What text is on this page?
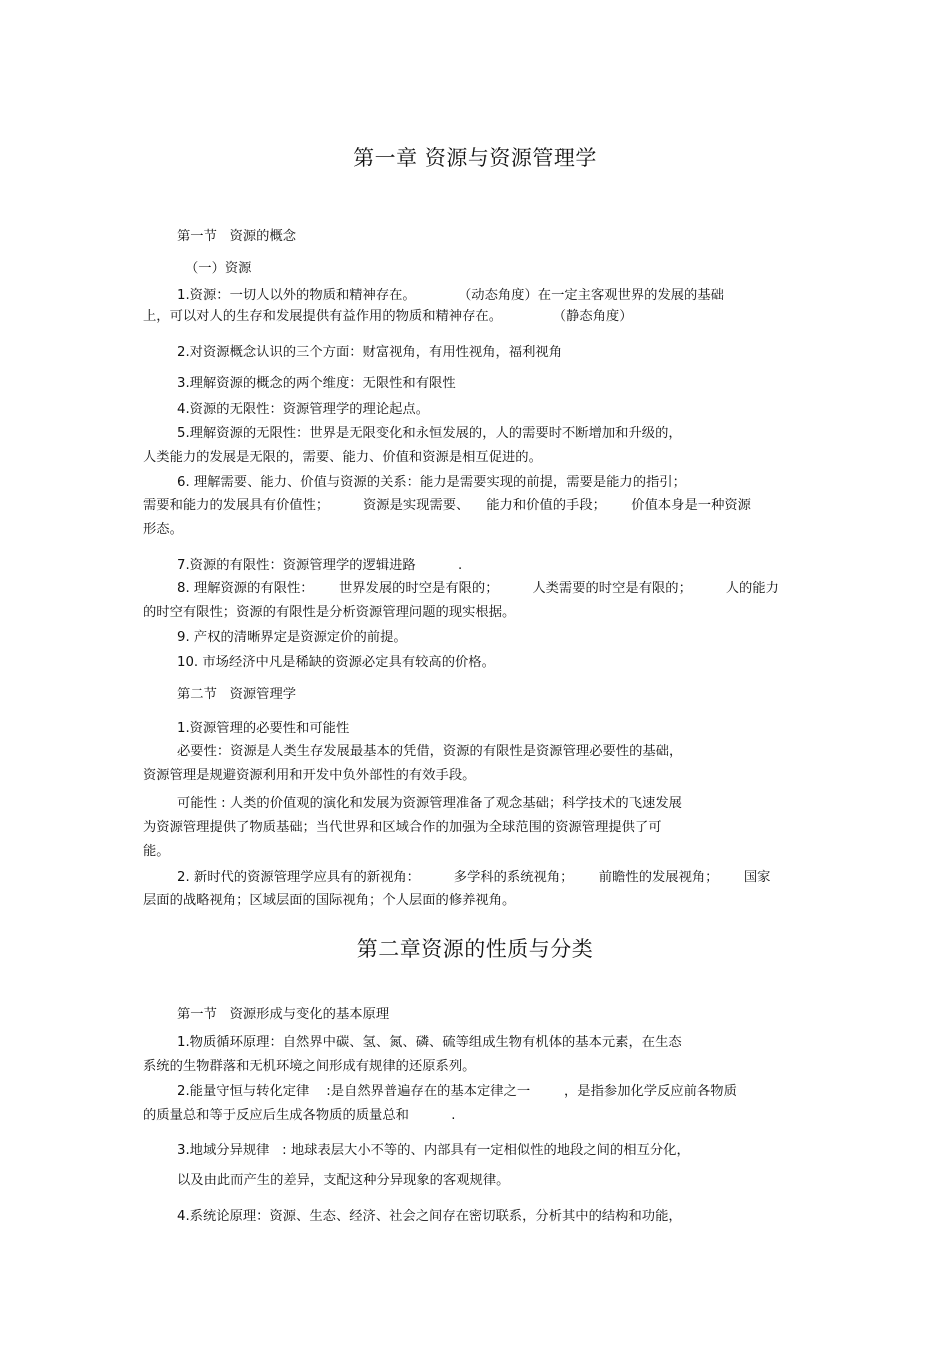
第一章 资源与资源管理学

第一节   资源的概念

（一）资源

1.资源：一切人以外的物质和精神存在。          （动态角度）在一定主客观世界的发展的基础

上，可以对人的生存和发展提供有益作用的物质和精神存在。            （静态角度）

2.对资源概念认识的三个方面：财富视角，有用性视角，福利视角

3.理解资源的概念的两个维度：无限性和有限性

4.资源的无限性：资源管理学的理论起点。

5.理解资源的无限性：世界是无限变化和永恒发展的，人的需要时不断增加和升级的，

人类能力的发展是无限的，需要、能力、价值和资源是相互促进的。

6. 理解需要、能力、价值与资源的关系：能力是需要实现的前提，需要是能力的指引；

需要和能力的发展具有价值性；        资源是实现需要、    能力和价值的手段；      价值本身是一种资源

形态。

7.资源的有限性：资源管理学的逻辑进路          .

8. 理解资源的有限性：      世界发展的时空是有限的；        人类需要的时空是有限的；        人的能力

的时空有限性；资源的有限性是分析资源管理问题的现实根据。

9. 产权的清晰界定是资源定价的前提。

10. 市场经济中凡是稀缺的资源必定具有较高的价格。

第二节   资源管理学

1.资源管理的必要性和可能性

必要性：资源是人类生存发展最基本的凭借，资源的有限性是资源管理必要性的基础，

资源管理是规避资源利用和开发中负外部性的有效手段。

可能性 : 人类的价值观的演化和发展为资源管理准备了观念基础；科学技术的飞速发展

为资源管理提供了物质基础；当代世界和区域合作的加强为全球范围的资源管理提供了可

能。

2. 新时代的资源管理学应具有的新视角：        多学科的系统视角；      前瞻性的发展视角；      国家

层面的战略视角；区域层面的国际视角；个人层面的修养视角。

第二章资源的性质与分类

第一节   资源形成与变化的基本原理

1.物质循环原理：自然界中碳、氢、氮、磷、硫等组成生物有机体的基本元素，在生态

系统的生物群落和无机环境之间形成有规律的还原系列。

2.能量守恒与转化定律    :是自然界普遍存在的基本定律之一        ，是指参加化学反应前各物质

的质量总和等于反应后生成各物质的质量总和          .

3.地域分异规律   : 地球表层大小不等的、内部具有一定相似性的地段之间的相互分化，

以及由此而产生的差异，支配这种分异现象的客观规律。

4.系统论原理：资源、生态、经济、社会之间存在密切联系，分析其中的结构和功能，
